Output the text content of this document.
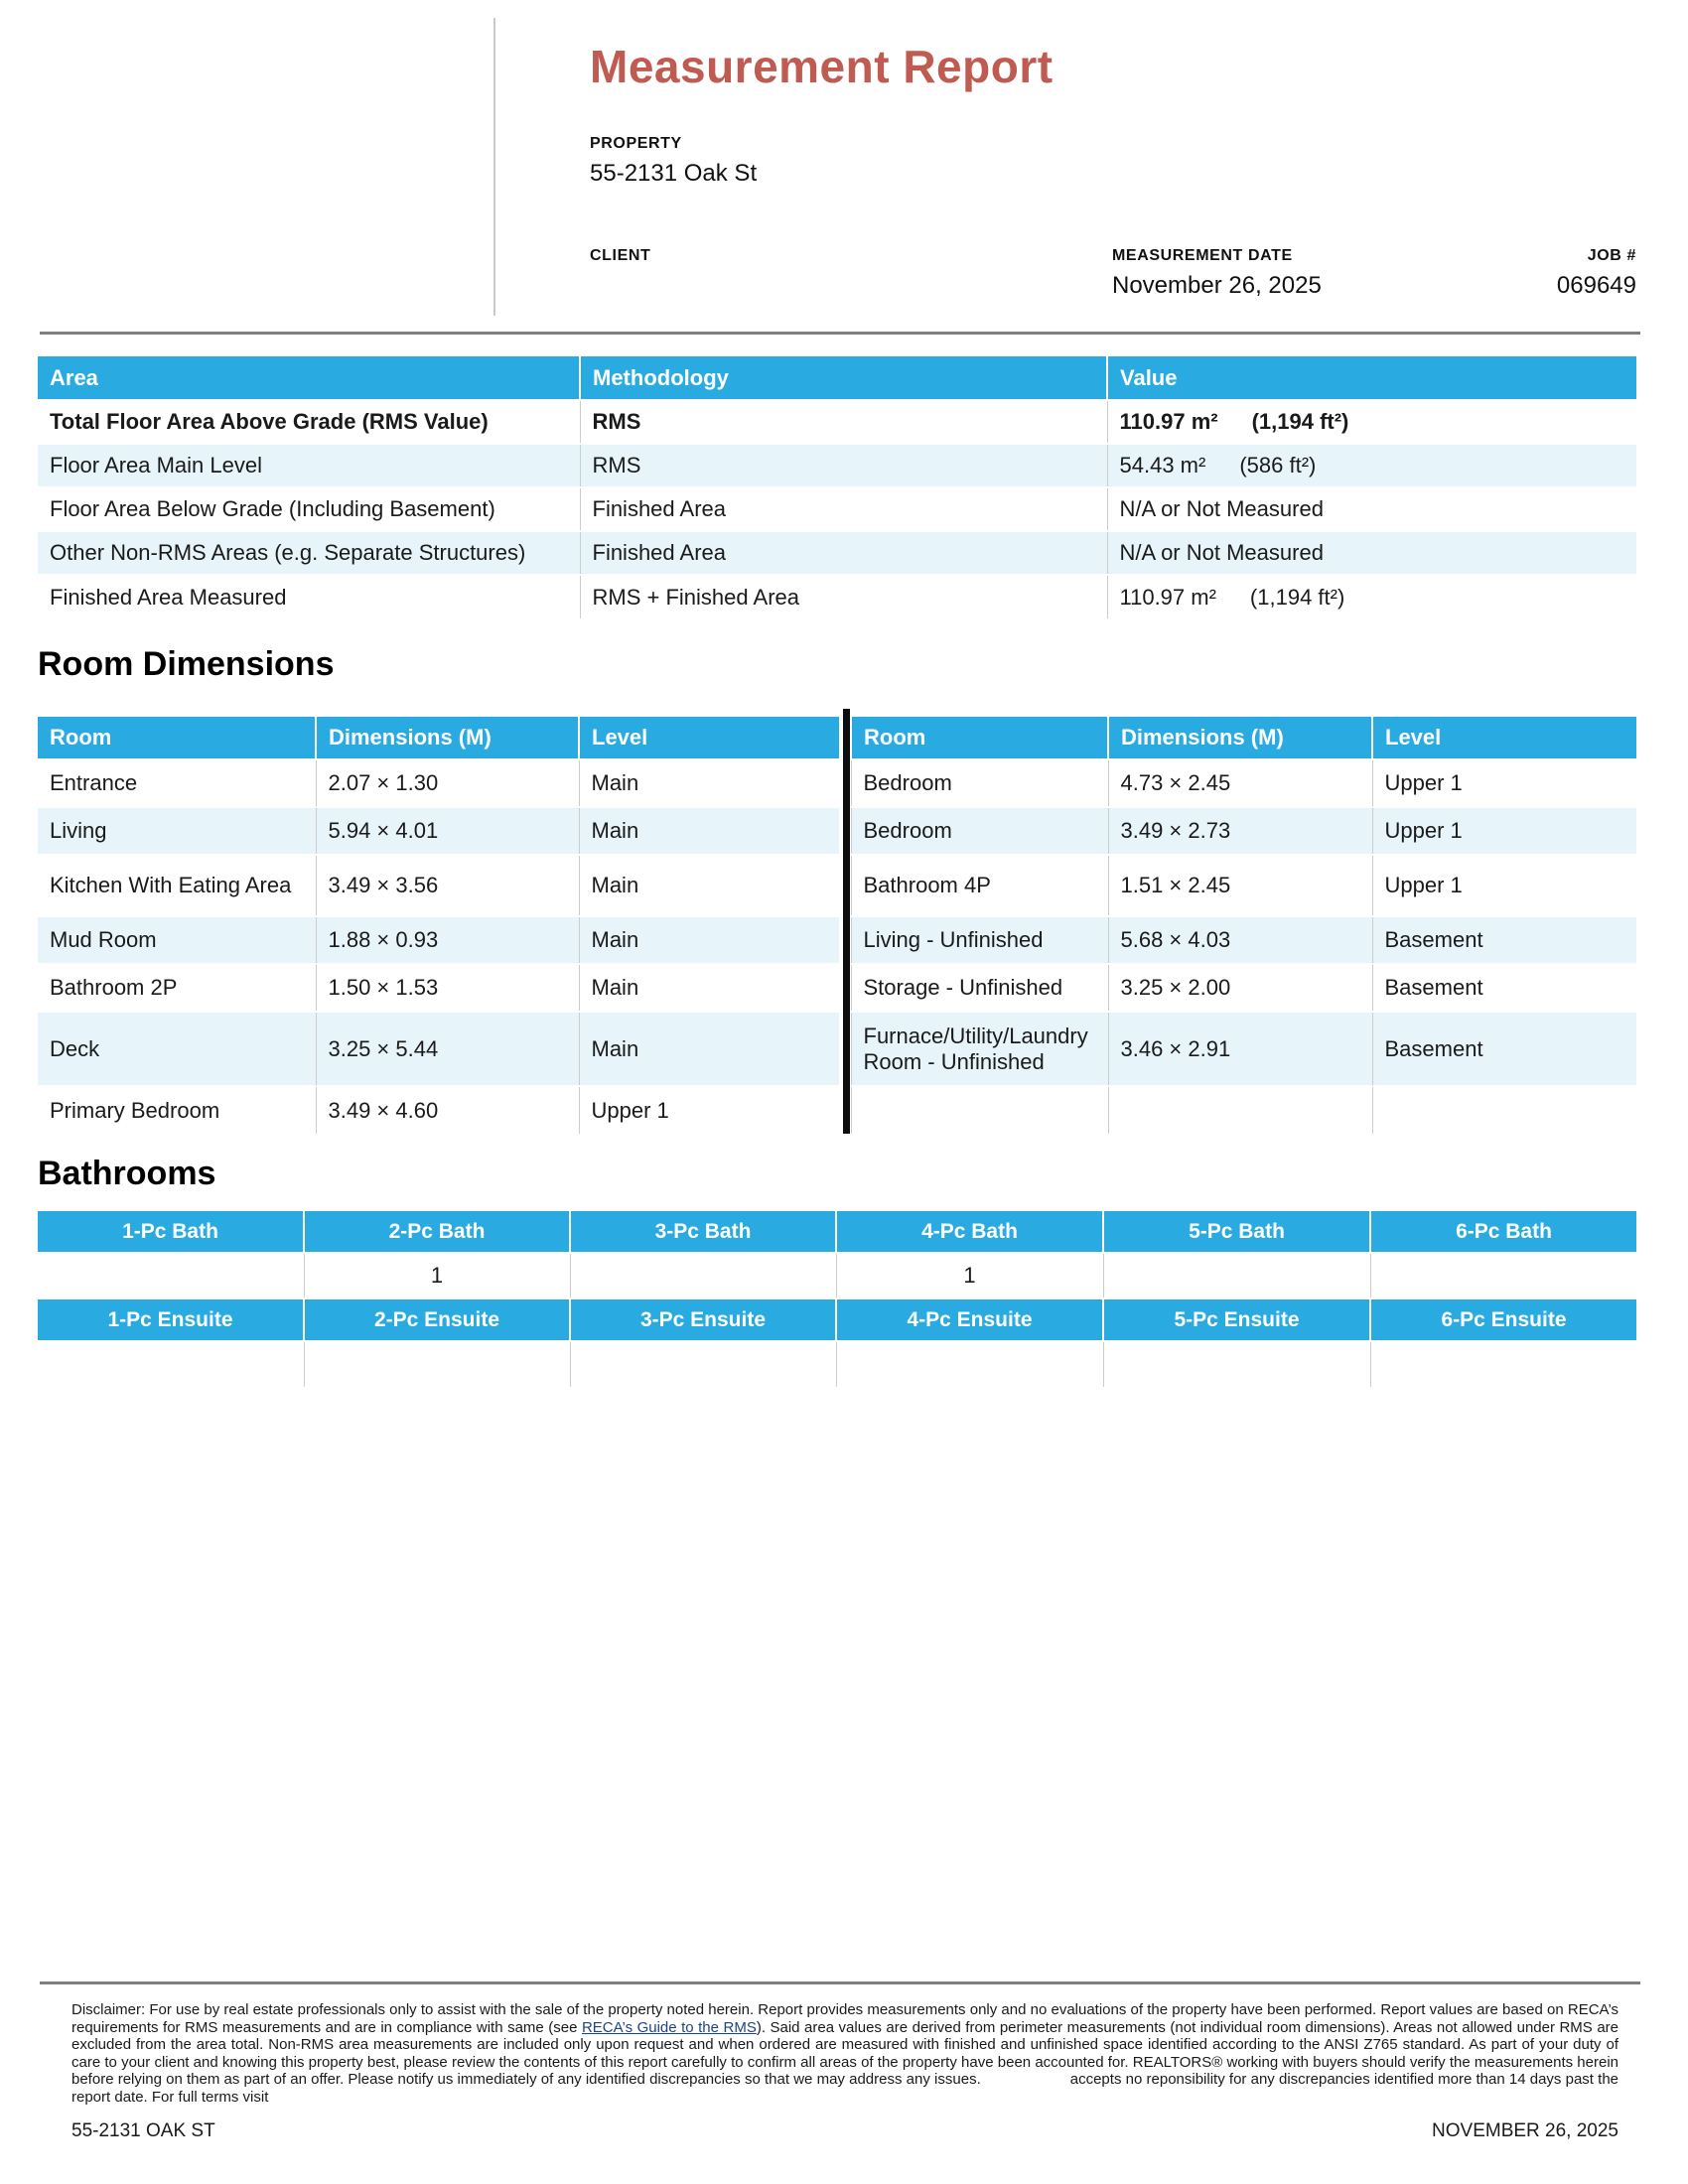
Measurement Report
PROPERTY
55-2131 Oak St
CLIENT	MEASUREMENT DATE
November 26, 2025
JOB #
069649
Area	Methodology	Value
Total Floor Area Above Grade (RMS Value)	RMS	110.97 m² (1,194 ft²)
Floor Area Main Level	RMS	54.43 m² (586 ft²)
Floor Area Below Grade (Including Basement)	Finished Area	N/A or Not Measured
Other Non-RMS Areas (e.g. Separate Structures)	Finished Area	N/A or Not Measured
Finished Area Measured	RMS + Finished Area	110.97 m² (1,194 ft²)
Room Dimensions
Room	Dimensions (M)	Level		Room	Dimensions (M)	Level
Entrance	2.07 × 1.30	Main		Bedroom	4.73 × 2.45	Upper 1
Living	5.94 × 4.01	Main		Bedroom	3.49 × 2.73	Upper 1
Kitchen With Eating Area	3.49 × 3.56	Main		Bathroom 4P	1.51 × 2.45	Upper 1
Mud Room	1.88 × 0.93	Main		Living - Unfinished	5.68 × 4.03	Basement
Bathroom 2P	1.50 × 1.53	Main		Storage - Unfinished	3.25 × 2.00	Basement
Deck	3.25 × 5.44	Main		Furnace/Utility/Laundry Room - Unfinished	3.46 × 2.91	Basement
Primary Bedroom	3.49 × 4.60	Upper 1				
Bathrooms
1-Pc Bath	2-Pc Bath	3-Pc Bath	4-Pc Bath	5-Pc Bath	6-Pc Bath
	1		1		
1-Pc Ensuite	2-Pc Ensuite	3-Pc Ensuite	4-Pc Ensuite	5-Pc Ensuite	6-Pc Ensuite

Disclaimer: For use by real estate professionals only to assist with the sale of the property noted herein. Report provides measurements only and no evaluations of the property have been performed. Report values are based on RECA’s requirements for RMS measurements and are in compliance with same (see RECA’s Guide to the RMS). Said area values are derived from perimeter measurements (not individual room dimensions). Areas not allowed under RMS are excluded from the area total. Non-RMS area measurements are included only upon request and when ordered are measured with finished and unfinished space identified according to the ANSI Z765 standard. As part of your duty of care to your client and knowing this property best, please review the contents of this report carefully to confirm all areas of the property have been accounted for. REALTORS® working with buyers should verify the measurements herein before relying on them as part of an offer. Please notify us immediately of any identified discrepancies so that we may address any issues.	accepts no reponsibility for any discrepancies identified more than 14 days past the report date. For full terms visit

55-2131 OAK ST	NOVEMBER 26, 2025
